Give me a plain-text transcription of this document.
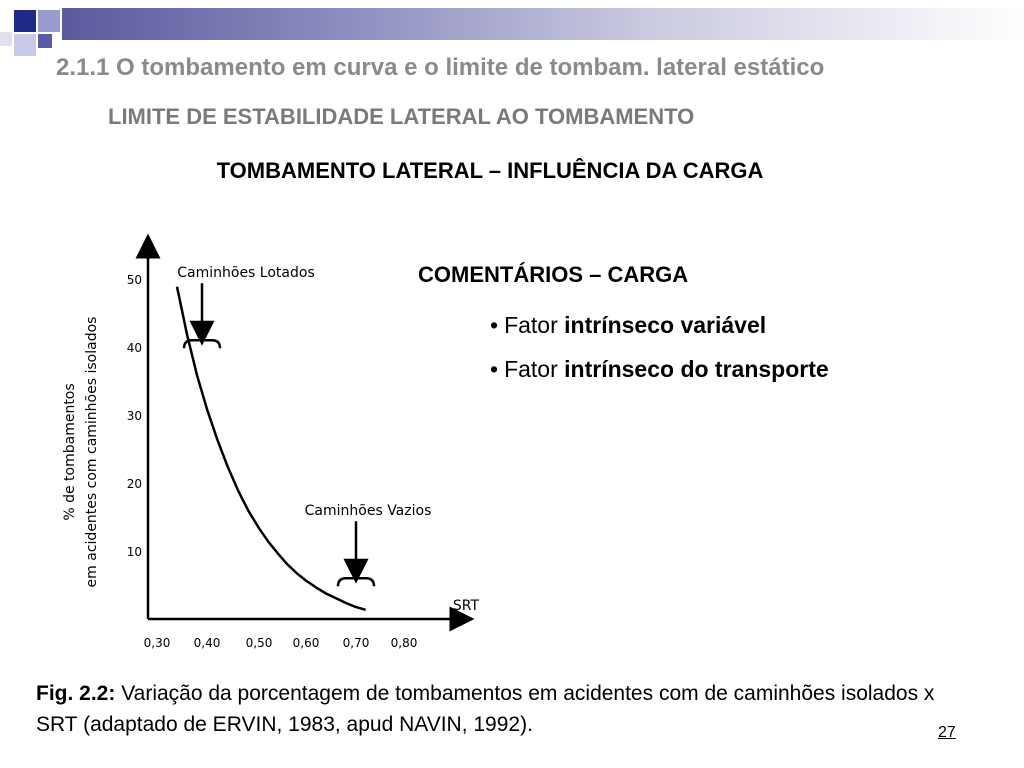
2.1.1 O tombamento em curva e o limite de tombam. lateral estático
LIMITE DE ESTABILIDADE LATERAL AO TOMBAMENTO
TOMBAMENTO LATERAL – INFLUÊNCIA DA CARGA
10
20
30
40
50
0,30 0,40 0,50 0,60 0,70 0,80
SRT
% de tombamentos em acidentes com caminhões isolados
Caminhões Lotados
Caminhões Vazios
COMENTÁRIOS – CARGA
• Fator intrínseco variável
• Fator intrínseco do transporte
Fig. 2.2: Variação da porcentagem de tombamentos em acidentes com de caminhões isolados x SRT (adaptado de ERVIN, 1983, apud NAVIN, 1992).	27
